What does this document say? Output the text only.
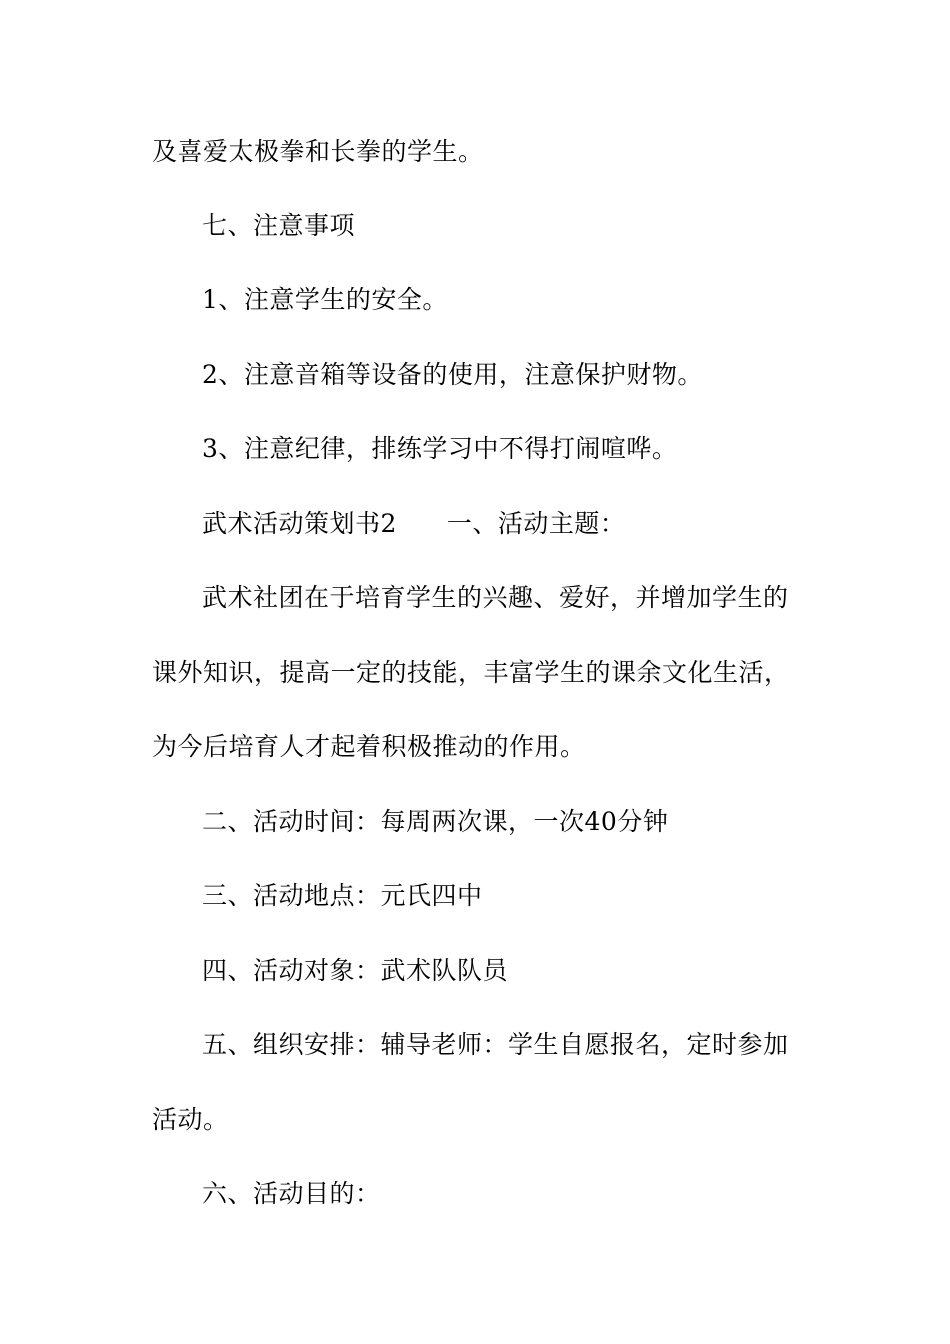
及喜爱太极拳和长拳的学生。
七、注意事项
1、注意学生的安全。
2、注意音箱等设备的使用，注意保护财物。
3、注意纪律，排练学习中不得打闹喧哗。
武术活动策划书2 一、活动主题：
武术社团在于培育学生的兴趣、爱好，并增加学生的
课外知识，提高一定的技能，丰富学生的课余文化生活，
为今后培育人才起着积极推动的作用。
二、活动时间：每周两次课，一次40分钟
三、活动地点：元氏四中
四、活动对象：武术队队员
五、组织安排：辅导老师：学生自愿报名，定时参加
活动。
六、活动目的：
